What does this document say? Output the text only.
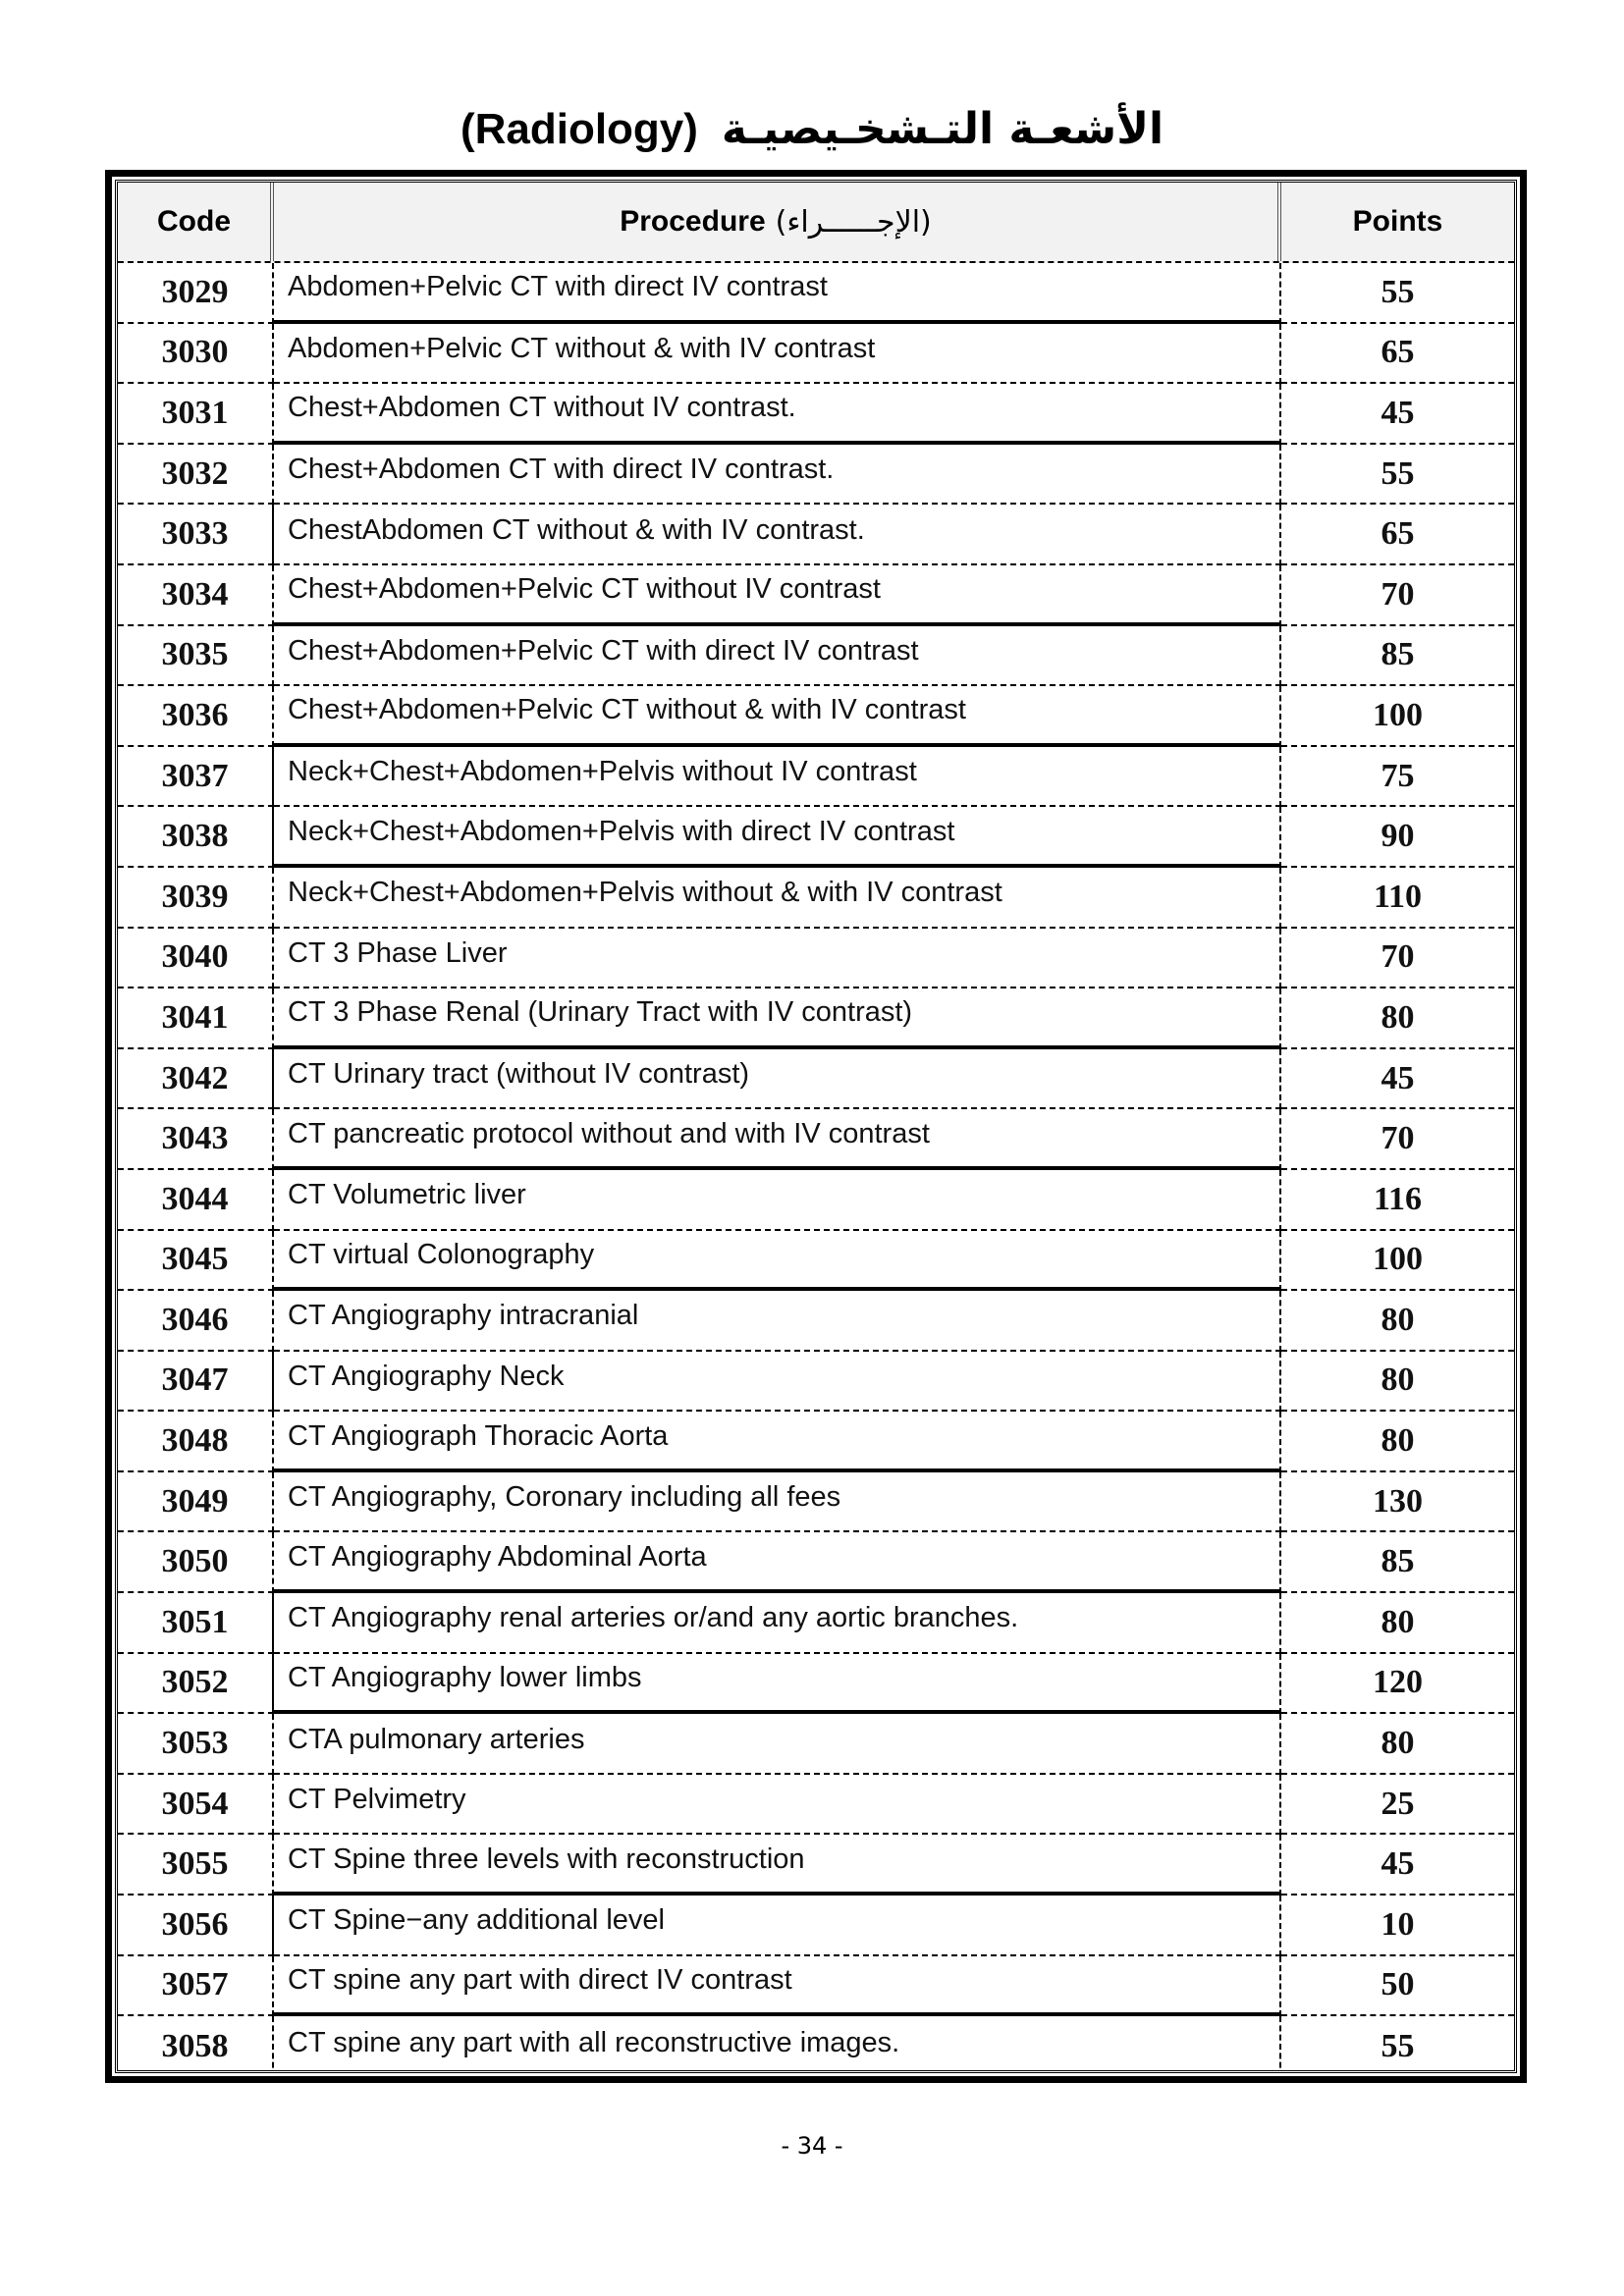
(Radiology) الأشعـة التـشخـيصيـة
Code	Procedure (الإجــــــراء)	Points
3029	Abdomen+Pelvic CT with direct IV contrast	55
3030	Abdomen+Pelvic CT without & with IV contrast	65
3031	Chest+Abdomen CT without IV contrast.	45
3032	Chest+Abdomen CT with direct IV contrast.	55
3033	ChestAbdomen CT without & with IV contrast.	65
3034	Chest+Abdomen+Pelvic CT without IV contrast	70
3035	Chest+Abdomen+Pelvic CT with direct IV contrast	85
3036	Chest+Abdomen+Pelvic CT without & with IV contrast	100
3037	Neck+Chest+Abdomen+Pelvis without IV contrast	75
3038	Neck+Chest+Abdomen+Pelvis with direct IV contrast	90
3039	Neck+Chest+Abdomen+Pelvis without & with IV contrast	110
3040	CT 3 Phase Liver	70
3041	CT 3 Phase Renal (Urinary Tract with IV contrast)	80
3042	CT Urinary tract (without IV contrast)	45
3043	CT pancreatic protocol without and with IV contrast	70
3044	CT Volumetric liver	116
3045	CT virtual Colonography	100
3046	CT Angiography intracranial	80
3047	CT Angiography Neck	80
3048	CT Angiograph Thoracic Aorta	80
3049	CT Angiography, Coronary including all fees	130
3050	CT Angiography Abdominal Aorta	85
3051	CT Angiography renal arteries or/and any aortic branches.	80
3052	CT Angiography lower limbs	120
3053	CTA pulmonary arteries	80
3054	CT Pelvimetry	25
3055	CT Spine three levels with reconstruction	45
3056	CT Spine−any additional level	10
3057	CT spine any part with direct IV contrast	50
3058	CT spine any part with all reconstructive images.	55
- 34 -
